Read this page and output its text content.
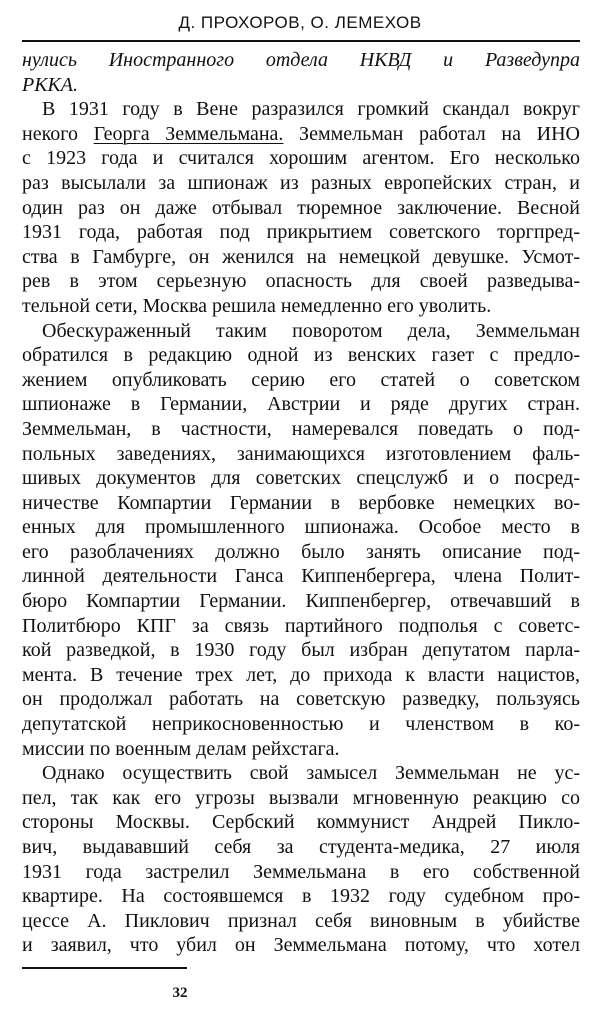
Д. ПРОХОРОВ, О. ЛЕМЕХОВ
нулись Иностранного отдела НКВД и Разведупра
РККА.
В 1931 году в Вене разразился громкий скандал вокруг
некого Георга Земмельмана. Земмельман работал на ИНО
с 1923 года и считался хорошим агентом. Его несколько
раз высылали за шпионаж из разных европейских стран, и
один раз он даже отбывал тюремное заключение. Весной
1931 года, работая под прикрытием советского торгпред-
ства в Гамбурге, он женился на немецкой девушке. Усмот-
рев в этом серьезную опасность для своей разведыва-
тельной сети, Москва решила немедленно его уволить.
Обескураженный таким поворотом дела, Земмельман
обратился в редакцию одной из венских газет с предло-
жением опубликовать серию его статей о советском
шпионаже в Германии, Австрии и ряде других стран.
Земмельман, в частности, намеревался поведать о под-
польных заведениях, занимающихся изготовлением фаль-
шивых документов для советских спецслужб и о посред-
ничестве Компартии Германии в вербовке немецких во-
енных для промышленного шпионажа. Особое место в
его разоблачениях должно было занять описание под-
линной деятельности Ганса Киппенбергера, члена Полит-
бюро Компартии Германии. Киппенбергер, отвечавший в
Политбюро КПГ за связь партийного подполья с советс-
кой разведкой, в 1930 году был избран депутатом парла-
мента. В течение трех лет, до прихода к власти нацистов,
он продолжал работать на советскую разведку, пользуясь
депутатской неприкосновенностью и членством в ко-
миссии по военным делам рейхстага.
Однако осуществить свой замысел Земмельман не ус-
пел, так как его угрозы вызвали мгновенную реакцию со
стороны Москвы. Сербский коммунист Андрей Пикло-
вич, выдававший себя за студента-медика, 27 июля
1931 года застрелил Земмельмана в его собственной
квартире. На состоявшемся в 1932 году судебном про-
цессе А. Пиклович признал себя виновным в убийстве
и заявил, что убил он Земмельмана потому, что хотел
32
